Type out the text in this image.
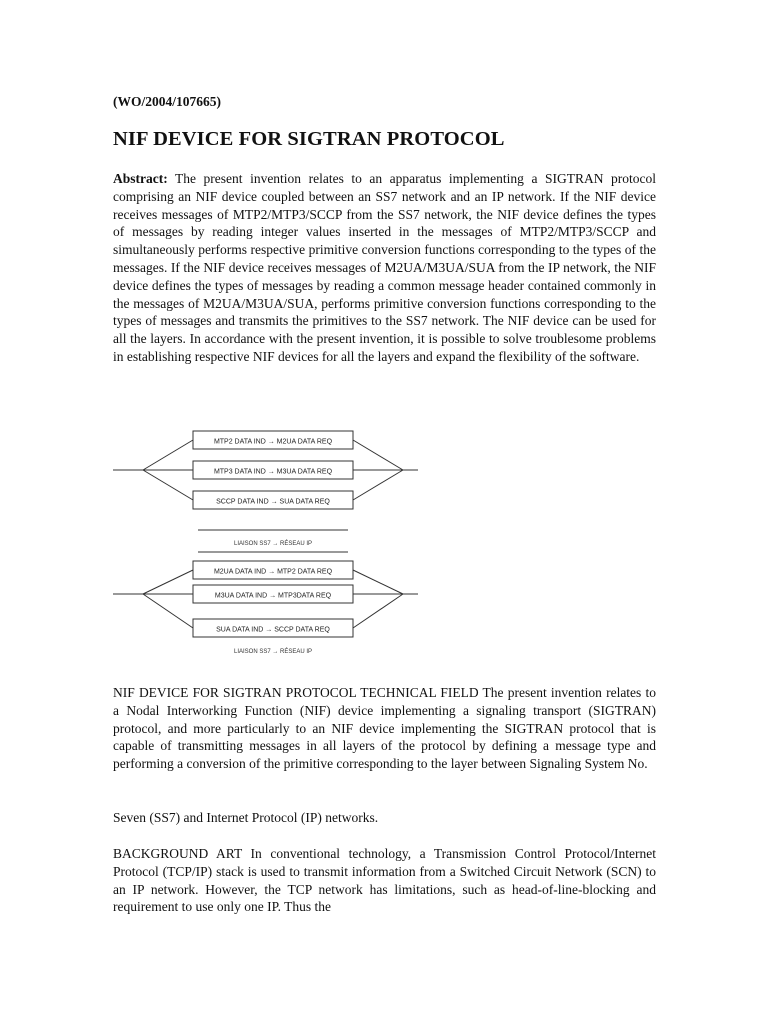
(WO/2004/107665)
NIF DEVICE FOR SIGTRAN PROTOCOL

Abstract: The present invention relates to an apparatus implementing a SIGTRAN protocol comprising an NIF device coupled between an SS7 network and an IP network. If the NIF device receives messages of MTP2/MTP3/SCCP from the SS7 network, the NIF device defines the types of messages by reading integer values inserted in the messages of MTP2/MTP3/SCCP and simultaneously performs respective primitive conversion functions corresponding to the types of the messages. If the NIF device receives messages of M2UA/M3UA/SUA from the IP network, the NIF device defines the types of messages by reading a common message header contained commonly in the messages of M2UA/M3UA/SUA, performs primitive conversion functions corresponding to the types of messages and transmits the primitives to the SS7 network. The NIF device can be used for all the layers. In accordance with the present invention, it is possible to solve troublesome problems in establishing respective NIF devices for all the layers and expand the flexibility of the software.

NIF DEVICE FOR SIGTRAN PROTOCOL TECHNICAL FIELD The present invention relates to a Nodal Interworking Function (NIF) device implementing a signaling transport (SIGTRAN) protocol, and more particularly to an NIF device implementing the SIGTRAN protocol that is capable of transmitting messages in all layers of the protocol by defining a message type and performing a conversion of the primitive corresponding to the layer between Signaling System No.

Seven (SS7) and Internet Protocol (IP) networks.

BACKGROUND ART In conventional technology, a Transmission Control Protocol/Internet Protocol (TCP/IP) stack is used to transmit information from a Switched Circuit Network (SCN) to an IP network. However, the TCP network has limitations, such as head-of-line-blocking and requirement to use only one IP. Thus the

MTP2 DATA IND → M2UA DATA REQ
MTP3 DATA IND → M3UA DATA REQ
SCCP DATA IND → SUA DATA REQ
LIAISON SS7 → RÉSEAU IP
M2UA DATA IND → MTP2 DATA REQ
M3UA DATA IND → MTP3DATA REQ
SUA DATA IND → SCCP DATA REQ
LIAISON SS7 → RÉSEAU IP
